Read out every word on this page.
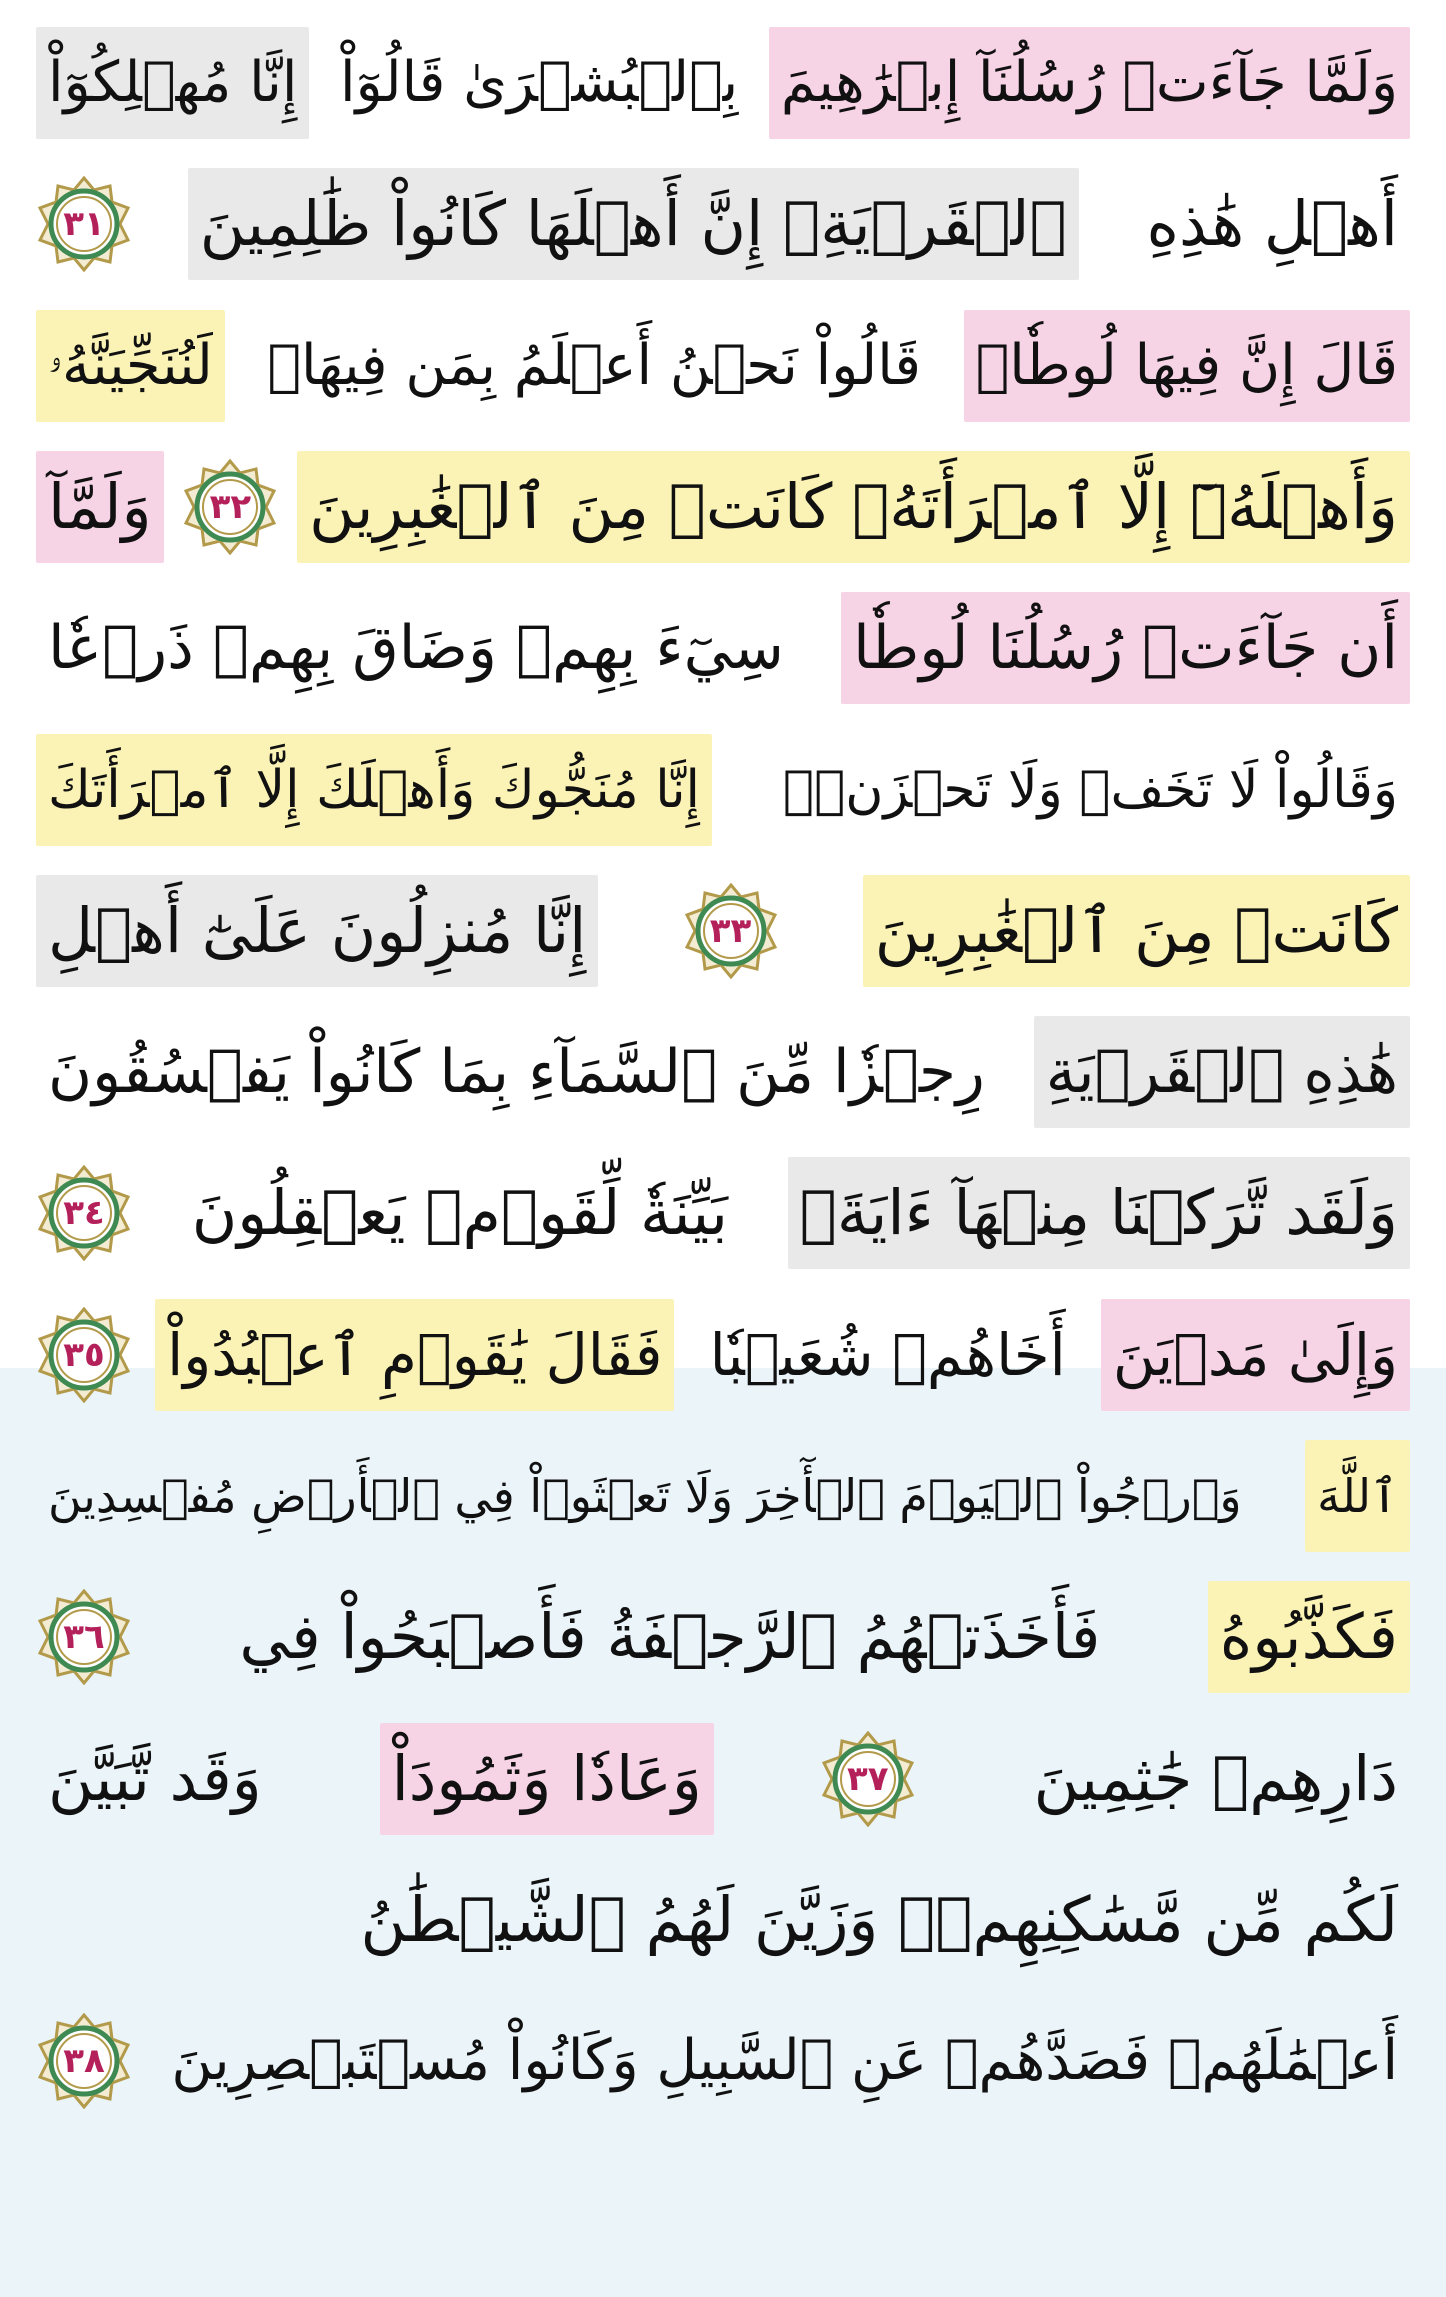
وَلَمَّا جَآءَتۡ رُسُلُنَآ إِبۡرَٰهِيمَ
بِٱلۡبُشۡرَىٰ قَالُوٓاْ
إِنَّا مُهۡلِكُوٓاْ
أَهۡلِ هَٰذِهِ
ٱلۡقَرۡيَةِۖ إِنَّ أَهۡلَهَا كَانُواْ ظَٰلِمِينَ
٣١
قَالَ إِنَّ فِيهَا لُوطٗاۚ
قَالُواْ نَحۡنُ أَعۡلَمُ بِمَن فِيهَاۖ
لَنُنَجِّيَنَّهُۥ
وَأَهۡلَهُۥٓ إِلَّا ٱمۡرَأَتَهُۥ كَانَتۡ مِنَ ٱلۡغَٰبِرِينَ
٣٢
وَلَمَّآ
أَن جَآءَتۡ رُسُلُنَا لُوطٗا
سِيٓءَ بِهِمۡ وَضَاقَ بِهِمۡ ذَرۡعٗا
وَقَالُواْ لَا تَخَفۡ وَلَا تَحۡزَنۡۖ
إِنَّا مُنَجُّوكَ وَأَهۡلَكَ إِلَّا ٱمۡرَأَتَكَ
كَانَتۡ مِنَ ٱلۡغَٰبِرِينَ
٣٣
إِنَّا مُنزِلُونَ عَلَىٰٓ أَهۡلِ
هَٰذِهِ ٱلۡقَرۡيَةِ
رِجۡزٗا مِّنَ ٱلسَّمَآءِ بِمَا كَانُواْ يَفۡسُقُونَ
وَلَقَد تَّرَكۡنَا مِنۡهَآ ءَايَةَۢ
بَيِّنَةٗ لِّقَوۡمٖ يَعۡقِلُونَ
٣٤
وَإِلَىٰ مَدۡيَنَ
أَخَاهُمۡ شُعَيۡبٗا
فَقَالَ يَٰقَوۡمِ ٱعۡبُدُواْ
٣٥
ٱللَّهَ
وَٱرۡجُواْ ٱلۡيَوۡمَ ٱلۡأٓخِرَ وَلَا تَعۡثَوۡاْ فِي ٱلۡأَرۡضِ مُفۡسِدِينَ
فَكَذَّبُوهُ
فَأَخَذَتۡهُمُ ٱلرَّجۡفَةُ فَأَصۡبَحُواْ فِي
٣٦
دَارِهِمۡ جَٰثِمِينَ
٣٧
وَعَادٗا وَثَمُودَاْ
وَقَد تَّبَيَّنَ
لَكُم مِّن مَّسَٰكِنِهِمۡۖ وَزَيَّنَ لَهُمُ ٱلشَّيۡطَٰنُ
أَعۡمَٰلَهُمۡ فَصَدَّهُمۡ عَنِ ٱلسَّبِيلِ وَكَانُواْ مُسۡتَبۡصِرِينَ
٣٨
